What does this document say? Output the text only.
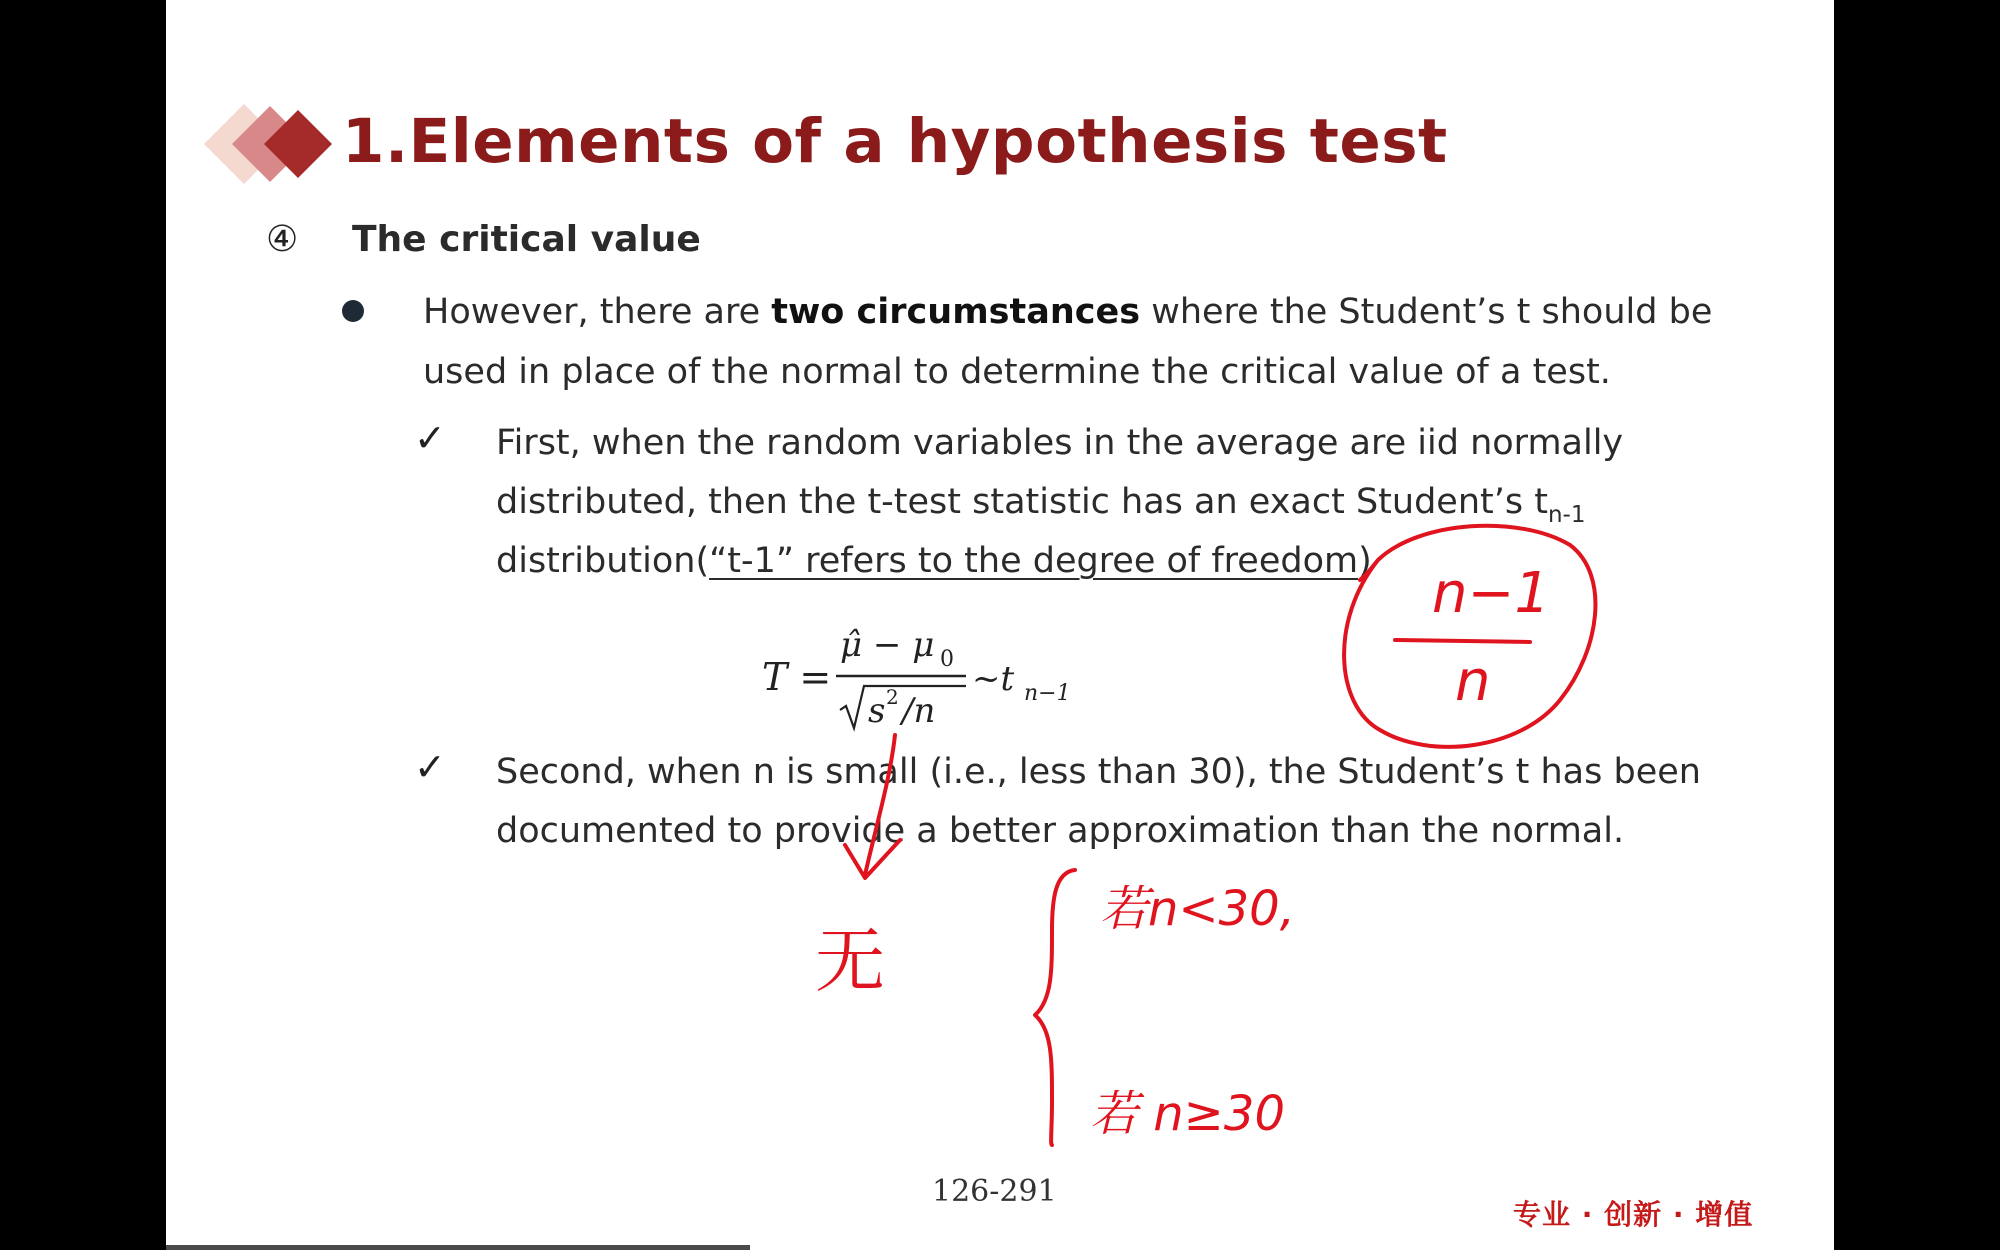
1.Elements of a hypothesis test
④ The critical value
However, there are two circumstances where the Student’s t should be
used in place of the normal to determine the critical value of a test.
✓ First, when the random variables in the average are iid normally
distributed, then the t-test statistic has an exact Student’s $t_{n-1}$
distribution(“t-1” refers to the degree of freedom)
T =
μ̂ − μ 0
s 2 /n
~t n−1
✓ Second, when n is small (i.e., less than 30), the Student’s t has been
documented to provide a better approximation than the normal.
126-291
专业 · 创新 · 增值
n−1
n
无
若n<30,
若 n≥30
